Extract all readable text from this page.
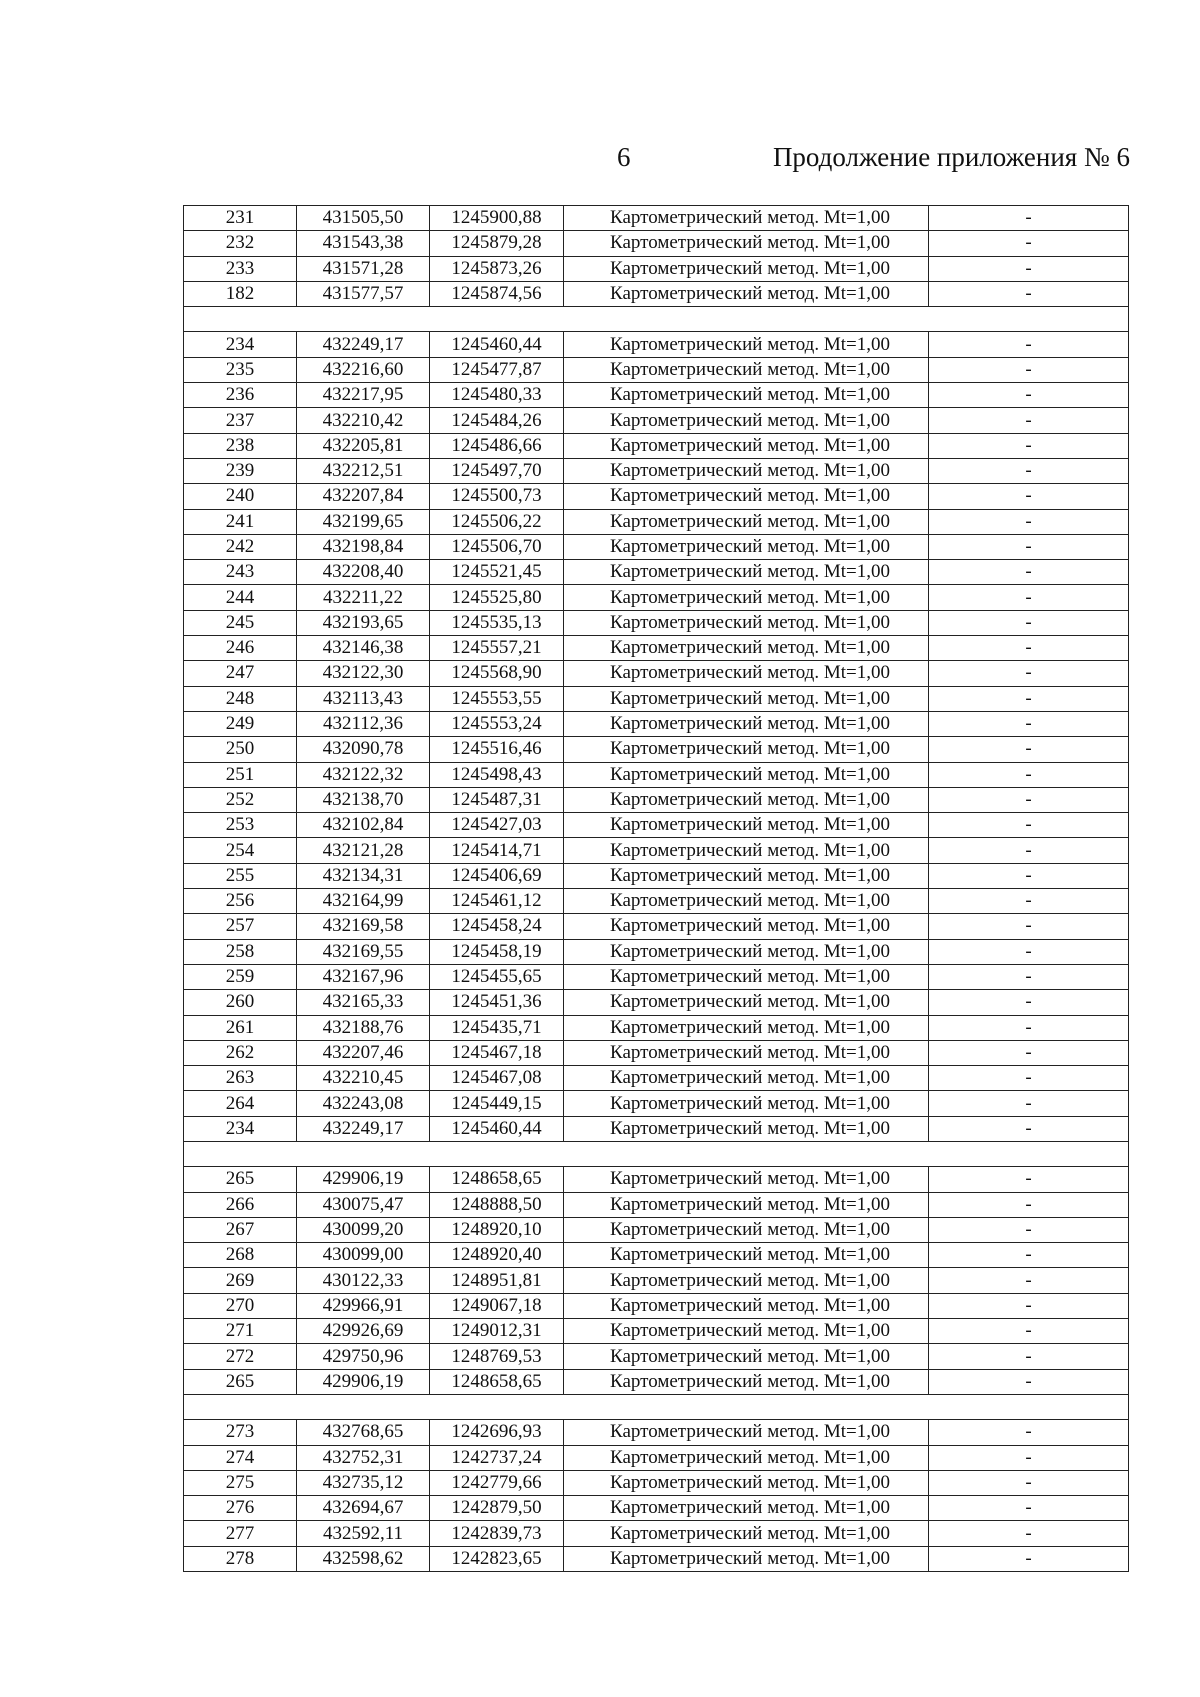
6	Продолжение приложения № 6
231	431505,50	1245900,88	Картометрический метод. Mt=1,00	-
232	431543,38	1245879,28	Картометрический метод. Mt=1,00	-
233	431571,28	1245873,26	Картометрический метод. Mt=1,00	-
182	431577,57	1245874,56	Картометрический метод. Mt=1,00	-

234	432249,17	1245460,44	Картометрический метод. Mt=1,00	-
235	432216,60	1245477,87	Картометрический метод. Mt=1,00	-
236	432217,95	1245480,33	Картометрический метод. Mt=1,00	-
237	432210,42	1245484,26	Картометрический метод. Mt=1,00	-
238	432205,81	1245486,66	Картометрический метод. Mt=1,00	-
239	432212,51	1245497,70	Картометрический метод. Mt=1,00	-
240	432207,84	1245500,73	Картометрический метод. Mt=1,00	-
241	432199,65	1245506,22	Картометрический метод. Mt=1,00	-
242	432198,84	1245506,70	Картометрический метод. Mt=1,00	-
243	432208,40	1245521,45	Картометрический метод. Mt=1,00	-
244	432211,22	1245525,80	Картометрический метод. Mt=1,00	-
245	432193,65	1245535,13	Картометрический метод. Mt=1,00	-
246	432146,38	1245557,21	Картометрический метод. Mt=1,00	-
247	432122,30	1245568,90	Картометрический метод. Mt=1,00	-
248	432113,43	1245553,55	Картометрический метод. Mt=1,00	-
249	432112,36	1245553,24	Картометрический метод. Mt=1,00	-
250	432090,78	1245516,46	Картометрический метод. Mt=1,00	-
251	432122,32	1245498,43	Картометрический метод. Mt=1,00	-
252	432138,70	1245487,31	Картометрический метод. Mt=1,00	-
253	432102,84	1245427,03	Картометрический метод. Mt=1,00	-
254	432121,28	1245414,71	Картометрический метод. Mt=1,00	-
255	432134,31	1245406,69	Картометрический метод. Mt=1,00	-
256	432164,99	1245461,12	Картометрический метод. Mt=1,00	-
257	432169,58	1245458,24	Картометрический метод. Mt=1,00	-
258	432169,55	1245458,19	Картометрический метод. Mt=1,00	-
259	432167,96	1245455,65	Картометрический метод. Mt=1,00	-
260	432165,33	1245451,36	Картометрический метод. Mt=1,00	-
261	432188,76	1245435,71	Картометрический метод. Mt=1,00	-
262	432207,46	1245467,18	Картометрический метод. Mt=1,00	-
263	432210,45	1245467,08	Картометрический метод. Mt=1,00	-
264	432243,08	1245449,15	Картометрический метод. Mt=1,00	-
234	432249,17	1245460,44	Картометрический метод. Mt=1,00	-

265	429906,19	1248658,65	Картометрический метод. Mt=1,00	-
266	430075,47	1248888,50	Картометрический метод. Mt=1,00	-
267	430099,20	1248920,10	Картометрический метод. Mt=1,00	-
268	430099,00	1248920,40	Картометрический метод. Mt=1,00	-
269	430122,33	1248951,81	Картометрический метод. Mt=1,00	-
270	429966,91	1249067,18	Картометрический метод. Mt=1,00	-
271	429926,69	1249012,31	Картометрический метод. Mt=1,00	-
272	429750,96	1248769,53	Картометрический метод. Mt=1,00	-
265	429906,19	1248658,65	Картометрический метод. Mt=1,00	-

273	432768,65	1242696,93	Картометрический метод. Mt=1,00	-
274	432752,31	1242737,24	Картометрический метод. Mt=1,00	-
275	432735,12	1242779,66	Картометрический метод. Mt=1,00	-
276	432694,67	1242879,50	Картометрический метод. Mt=1,00	-
277	432592,11	1242839,73	Картометрический метод. Mt=1,00	-
278	432598,62	1242823,65	Картометрический метод. Mt=1,00	-
